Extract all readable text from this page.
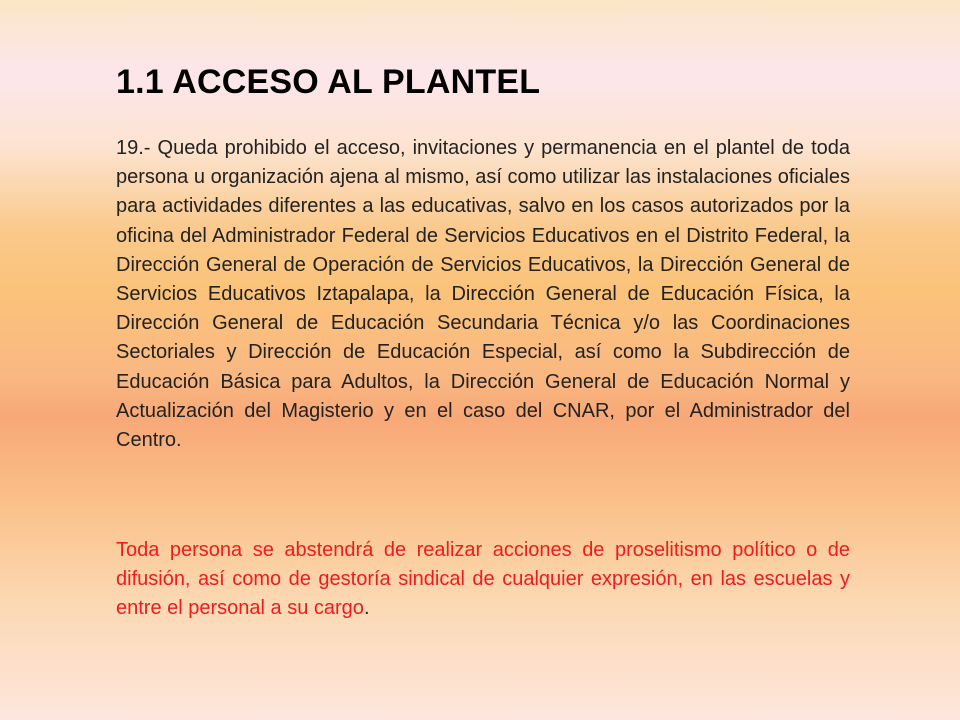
1.1 ACCESO AL PLANTEL

19.- Queda prohibido el acceso, invitaciones y permanencia en el plantel de toda persona u organización ajena al mismo, así como utilizar las instalaciones oficiales para actividades diferentes a las educativas, salvo en los casos autorizados por la oficina del Administrador Federal de Servicios Educativos en el Distrito Federal, la Dirección General de Operación de Servicios Educativos, la Dirección General de Servicios Educativos Iztapalapa, la Dirección General de Educación Física, la Dirección General de Educación Secundaria Técnica y/o las Coordinaciones Sectoriales y Dirección de Educación Especial, así como la Subdirección de Educación Básica para Adultos, la Dirección General de Educación Normal y Actualización del Magisterio y en el caso del CNAR, por el Administrador del Centro.

Toda persona se abstendrá de realizar acciones de proselitismo político o de difusión, así como de gestoría sindical de cualquier expresión, en las escuelas y entre el personal a su cargo.
